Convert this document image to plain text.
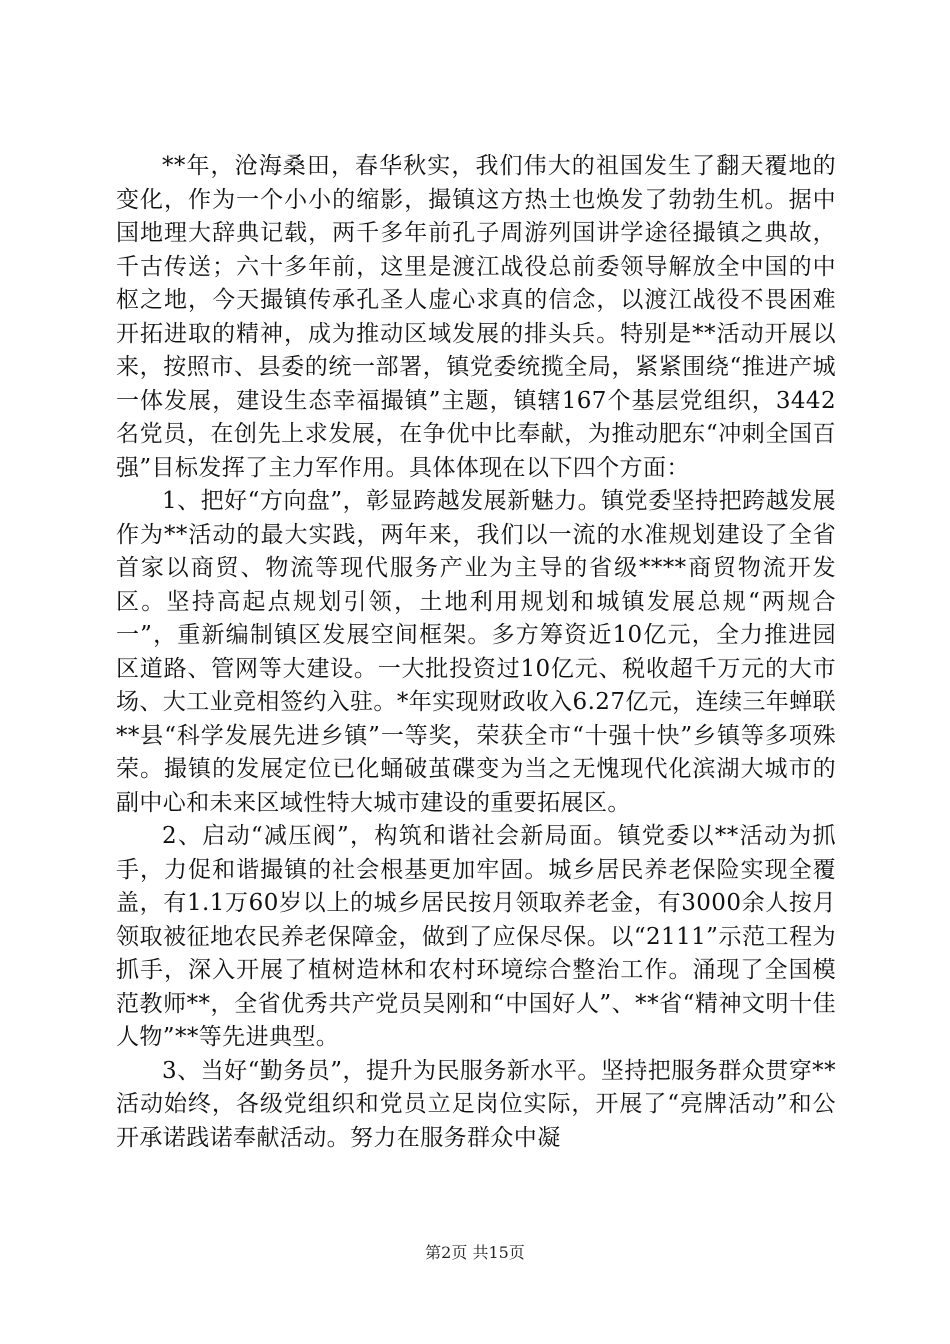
**年，沧海桑田，春华秋实，我们伟大的祖国发生了翻天覆地的变化，作为一个小小的缩影，撮镇这方热土也焕发了勃勃生机。据中国地理大辞典记载，两千多年前孔子周游列国讲学途径撮镇之典故，千古传送；六十多年前，这里是渡江战役总前委领导解放全中国的中枢之地，今天撮镇传承孔圣人虚心求真的信念，以渡江战役不畏困难开拓进取的精神，成为推动区域发展的排头兵。特别是**活动开展以来，按照市、县委的统一部署，镇党委统揽全局，紧紧围绕“推进产城一体发展，建设生态幸福撮镇”主题，镇辖167个基层党组织，3442名党员，在创先上求发展，在争优中比奉献，为推动肥东“冲刺全国百强”目标发挥了主力军作用。具体体现在以下四个方面：

1、把好“方向盘”，彰显跨越发展新魅力。镇党委坚持把跨越发展作为**活动的最大实践，两年来，我们以一流的水准规划建设了全省首家以商贸、物流等现代服务产业为主导的省级****商贸物流开发区。坚持高起点规划引领，土地利用规划和城镇发展总规“两规合一”，重新编制镇区发展空间框架。多方筹资近10亿元，全力推进园区道路、管网等大建设。一大批投资过10亿元、税收超千万元的大市场、大工业竞相签约入驻。*年实现财政收入6.27亿元，连续三年蝉联**县“科学发展先进乡镇”一等奖，荣获全市“十强十快”乡镇等多项殊荣。撮镇的发展定位已化蛹破茧碟变为当之无愧现代化滨湖大城市的副中心和未来区域性特大城市建设的重要拓展区。

2、启动“减压阀”，构筑和谐社会新局面。镇党委以**活动为抓手，力促和谐撮镇的社会根基更加牢固。城乡居民养老保险实现全覆盖，有1.1万60岁以上的城乡居民按月领取养老金，有3000余人按月领取被征地农民养老保障金，做到了应保尽保。以“2111”示范工程为抓手，深入开展了植树造林和农村环境综合整治工作。涌现了全国模范教师**，全省优秀共产党员吴刚和“中国好人”、**省“精神文明十佳人物”**等先进典型。

3、当好“勤务员”，提升为民服务新水平。坚持把服务群众贯穿**活动始终，各级党组织和党员立足岗位实际，开展了“亮牌活动”和公开承诺践诺奉献活动。努力在服务群众中凝

第2页 共15页
